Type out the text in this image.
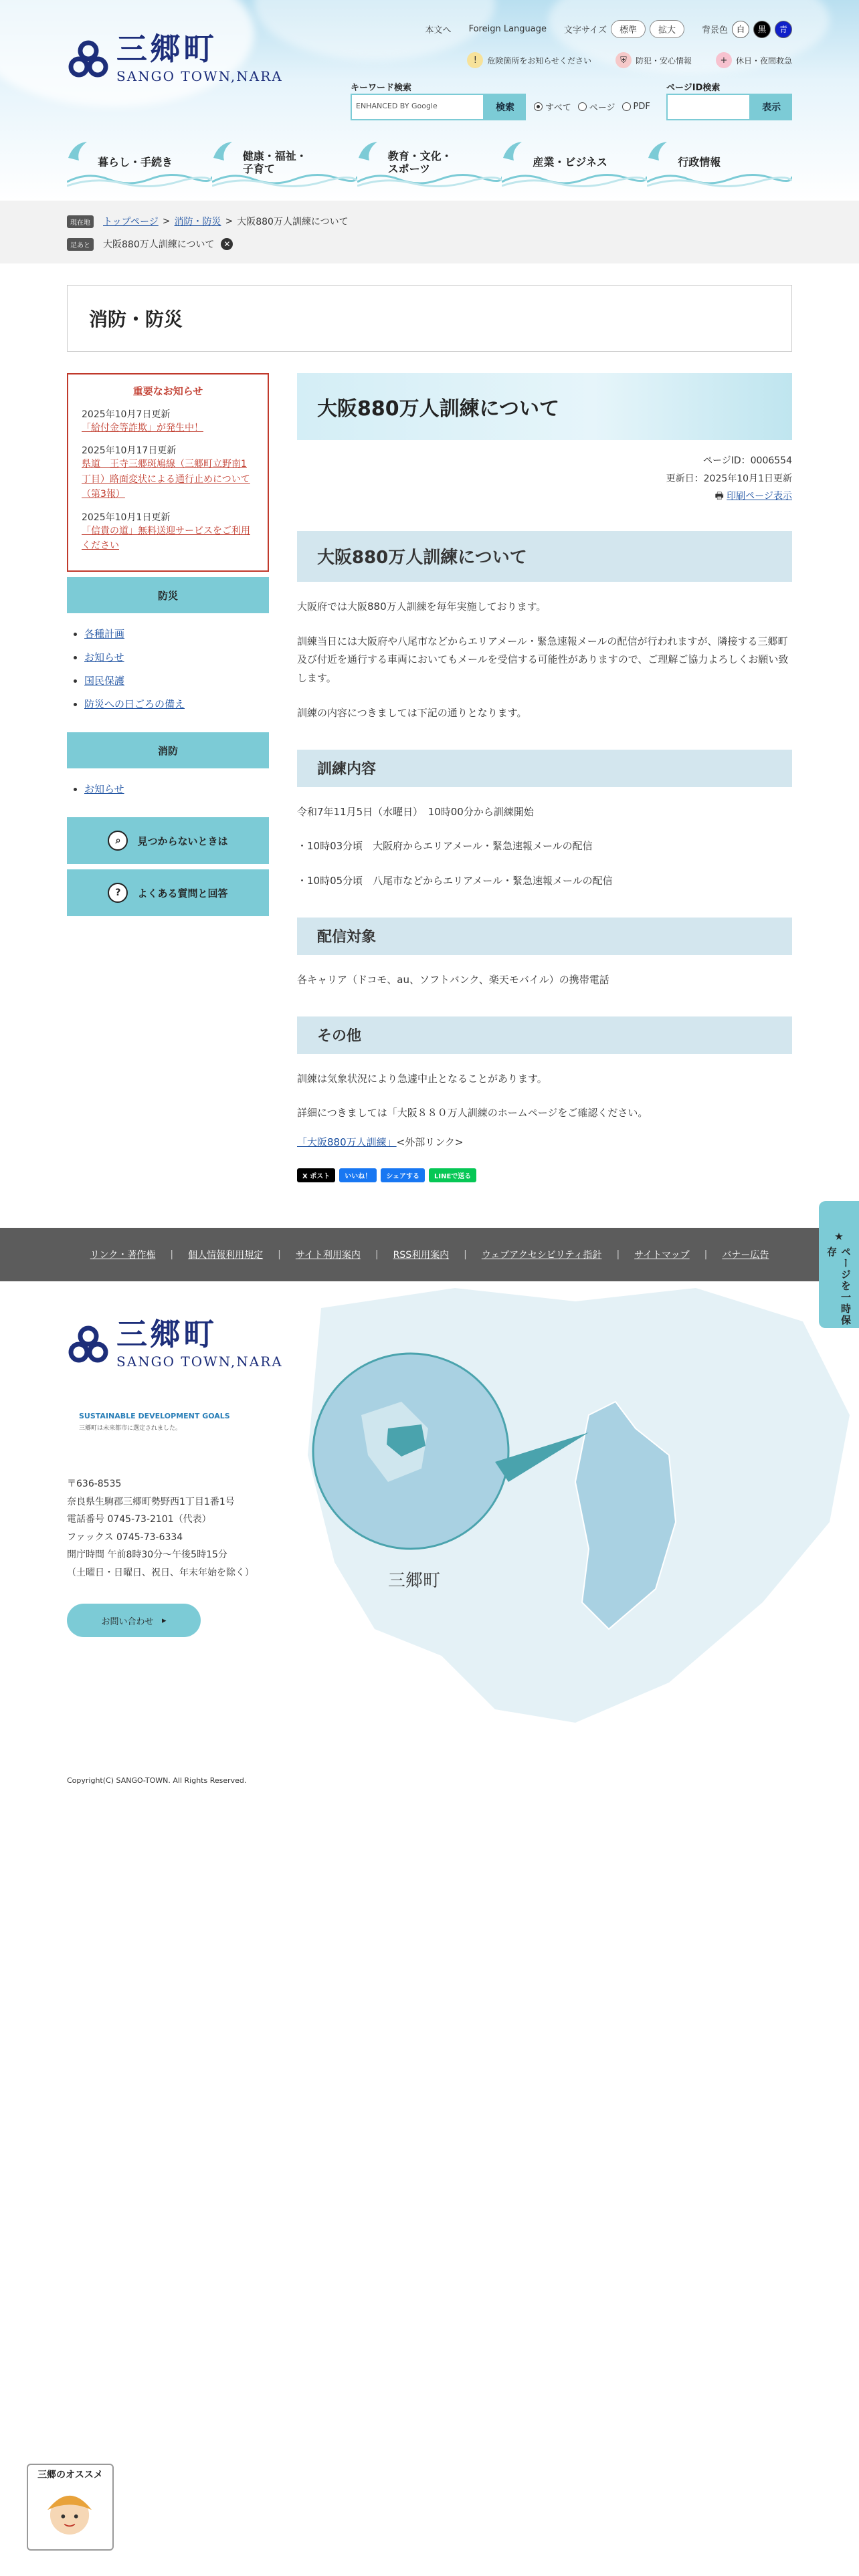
三郷町
SANGO TOWN,NARA
本文へ Foreign Language 文字サイズ	標準	拡大	背景色	白	黒	青
!	危険箇所をお知らせください	⛨	防犯・安心情報	+	休日・夜間救急
キーワード検索
ENHANCED BY Google	検索	すべて ページ PDF
ページID検索
表示
暮らし・手続き
健康・福祉・
子育て
教育・文化・
スポーツ
産業・ビジネス	行政情報
現在地	トップページ > 消防・防災 > 大阪880万人訓練について
足あと	大阪880万人訓練について	✕
消防・防災
重要なお知らせ
2025年10月7日更新
「給付金等詐欺」が発生中！
2025年10月17日更新
県道　王寺三郷斑鳩線（三郷町立野南1丁目）路面変状による通行止めについて（第3報）
2025年10月1日更新
「信貴の道」無料送迎サービスをご利用ください
防災
• 各種計画
• お知らせ
• 国民保護
• 防災への日ごろの備え
消防
• お知らせ
⌕	見つからないときは
?	よくある質問と回答
大阪880万人訓練について
ページID：0006554
更新日：2025年10月1日更新
🖶 印刷ページ表示
大阪880万人訓練について

大阪府では大阪880万人訓練を毎年実施しております。

訓練当日には大阪府や八尾市などからエリアメール・緊急速報メールの配信が行われますが、隣接する三郷町及び付近を通行する車両においてもメールを受信する可能性がありますので、ご理解ご協力よろしくお願い致します。

訓練の内容につきましては下記の通りとなります。

訓練内容

令和7年11月5日（水曜日）　10時00分から訓練開始

・10時03分頃　大阪府からエリアメール・緊急速報メールの配信

・10時05分頃　八尾市などからエリアメール・緊急速報メールの配信

配信対象

各キャリア（ドコモ、au、ソフトバンク、楽天モバイル）の携帯電話

その他

訓練は気象状況により急遽中止となることがあります。

詳細につきましては「大阪８８０万人訓練のホームページをご確認ください。

「大阪880万人訓練」<外部リンク>

X ポスト	いいね！	シェアする	LINEで送る
リンク・著作権 | 個人情報利用規定 | サイト利用案内 | RSS利用案内 | ウェブアクセシビリティ指針 | サイトマップ | バナー広告
三郷町
三郷町
SANGO TOWN,NARA
SUSTAINABLE DEVELOPMENT GOALS
三郷町は未来都市に選定されました。
〒636-8535
奈良県生駒郡三郷町勢野西1丁目1番1号
電話番号 0745-73-2101（代表）
ファックス 0745-73-6334
開庁時間 午前8時30分～午後5時15分
（土曜日・日曜日、祝日、年末年始を除く）
お問い合わせ
▸
Copyright(C) SANGO-TOWN. All Rights Reserved.
★
ページを一時保存
三郷のオススメ
